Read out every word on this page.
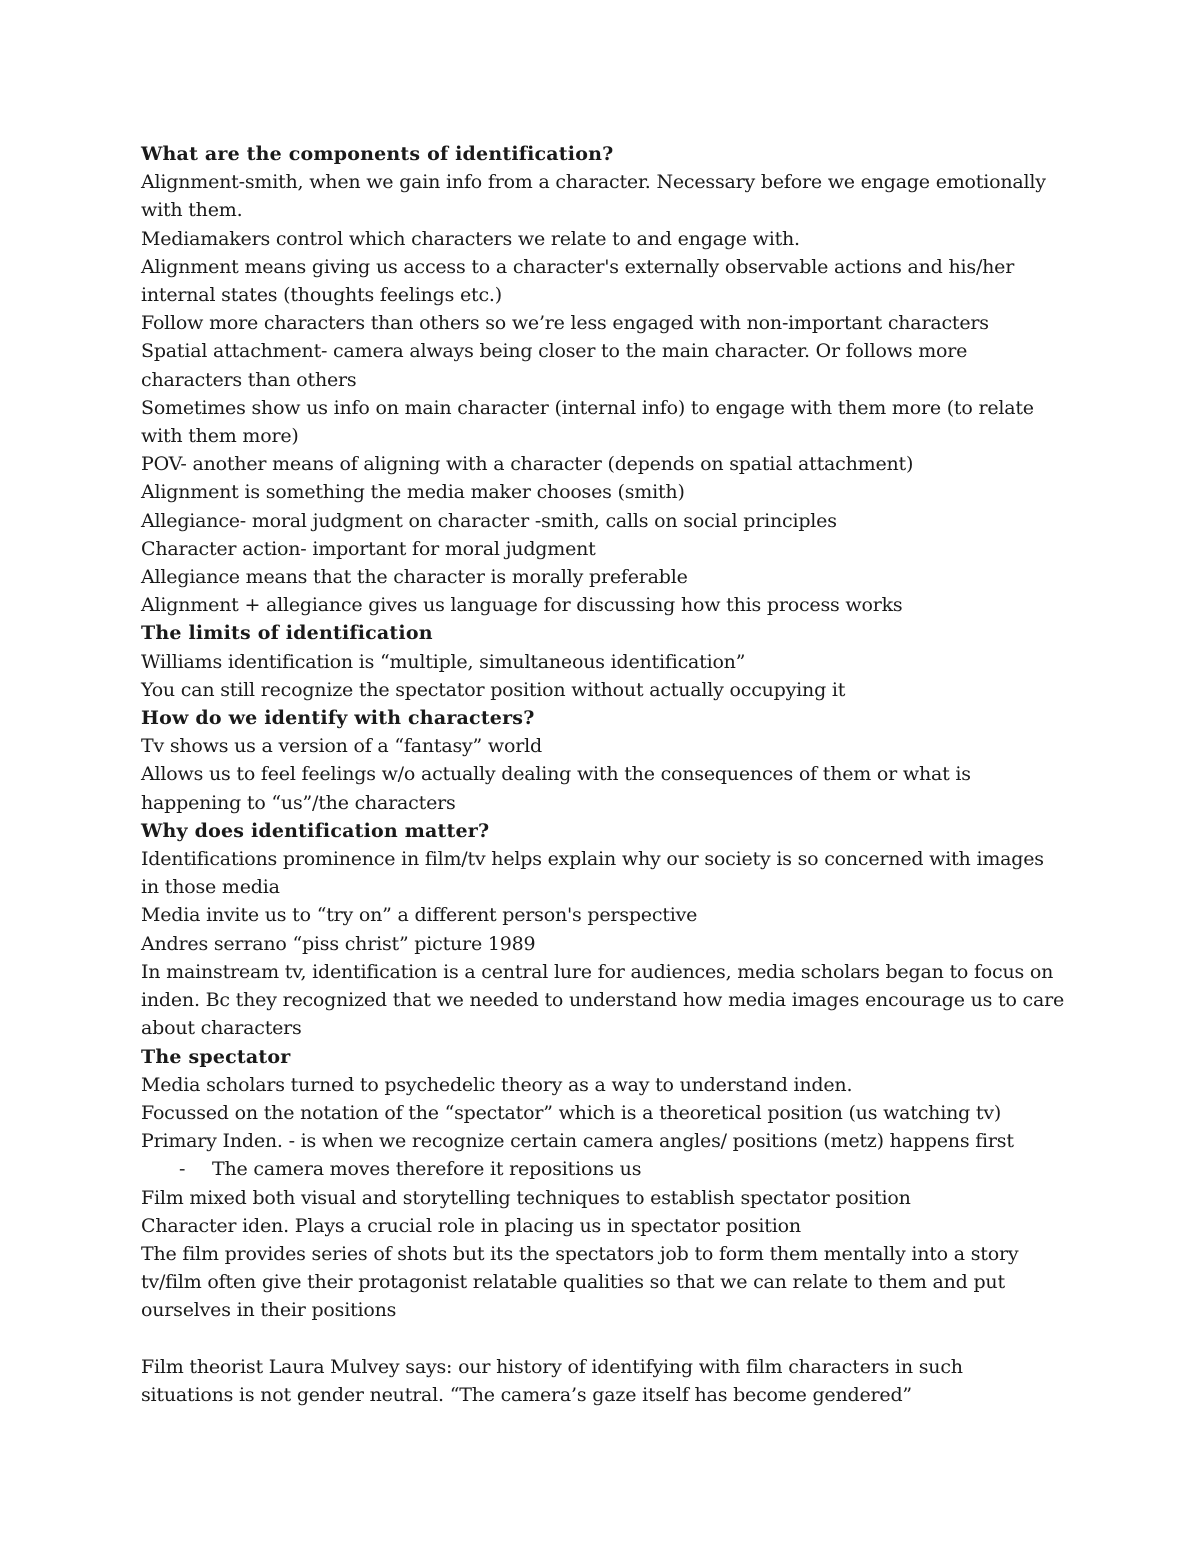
What are the components of identification?
Alignment-smith, when we gain info from a character. Necessary before we engage emotionally
with them.
Mediamakers control which characters we relate to and engage with.
Alignment means giving us access to a character's externally observable actions and his/her
internal states (thoughts feelings etc.)
Follow more characters than others so we’re less engaged with non-important characters
Spatial attachment- camera always being closer to the main character. Or follows more
characters than others
Sometimes show us info on main character (internal info) to engage with them more (to relate
with them more)
POV- another means of aligning with a character (depends on spatial attachment)
Alignment is something the media maker chooses (smith)
Allegiance- moral judgment on character -smith, calls on social principles
Character action- important for moral judgment
Allegiance means that the character is morally preferable
Alignment + allegiance gives us language for discussing how this process works
The limits of identification
Williams identification is “multiple, simultaneous identification”
You can still recognize the spectator position without actually occupying it
How do we identify with characters?
Tv shows us a version of a “fantasy” world
Allows us to feel feelings w/o actually dealing with the consequences of them or what is
happening to “us”/the characters
Why does identification matter?
Identifications prominence in film/tv helps explain why our society is so concerned with images
in those media
Media invite us to “try on” a different person's perspective
Andres serrano “piss christ” picture 1989
In mainstream tv, identification is a central lure for audiences, media scholars began to focus on
inden. Bc they recognized that we needed to understand how media images encourage us to care
about characters
The spectator
Media scholars turned to psychedelic theory as a way to understand inden.
Focussed on the notation of the “spectator” which is a theoretical position (us watching tv)
Primary Inden. - is when we recognize certain camera angles/ positions (metz) happens first
-	The camera moves therefore it repositions us
Film mixed both visual and storytelling techniques to establish spectator position
Character iden. Plays a crucial role in placing us in spectator position
The film provides series of shots but its the spectators job to form them mentally into a story
tv/film often give their protagonist relatable qualities so that we can relate to them and put
ourselves in their positions
Film theorist Laura Mulvey says: our history of identifying with film characters in such
situations is not gender neutral. “The camera’s gaze itself has become gendered”
